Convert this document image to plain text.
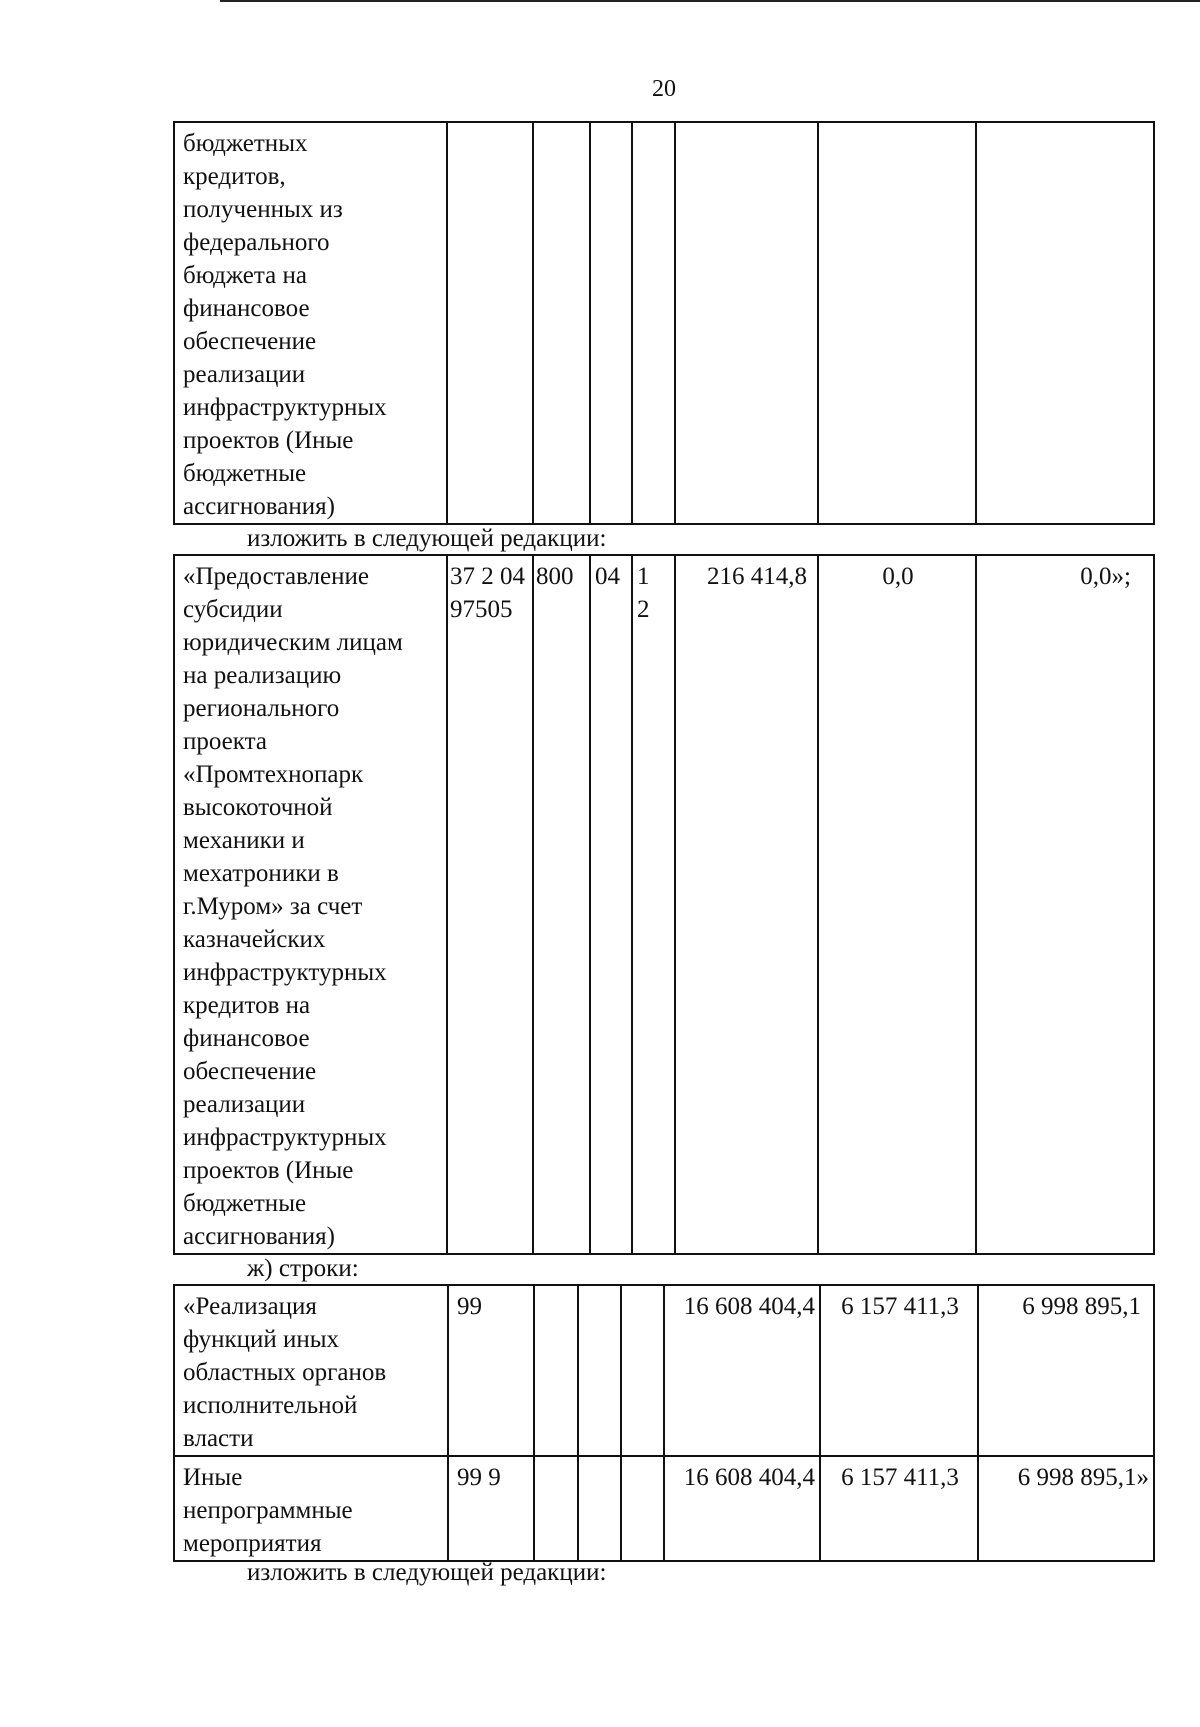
20
бюджетных
кредитов,
полученных из
федерального
бюджета на
финансовое
обеспечение
реализации
инфраструктурных
проектов (Иные
бюджетные
ассигнования)							
изложить в следующей редакции:
«Предоставление
субсидии
юридическим лицам
на реализацию
регионального
проекта
«Промтехнопарк
высокоточной
механики и
мехатроники в
г.Муром» за счет
казначейских
инфраструктурных
кредитов на
финансовое
обеспечение
реализации
инфраструктурных
проектов (Иные
бюджетные
ассигнования)	37 2 04
97505	800	04	1
2	216 414,8	0,0	0,0»;
ж) строки:
«Реализация
функций иных
областных органов
исполнительной
власти	99				16 608 404,4	6 157 411,3	6 998 895,1
Иные
непрограммные
мероприятия	99 9				16 608 404,4	6 157 411,3	6 998 895,1»
изложить в следующей редакции:
